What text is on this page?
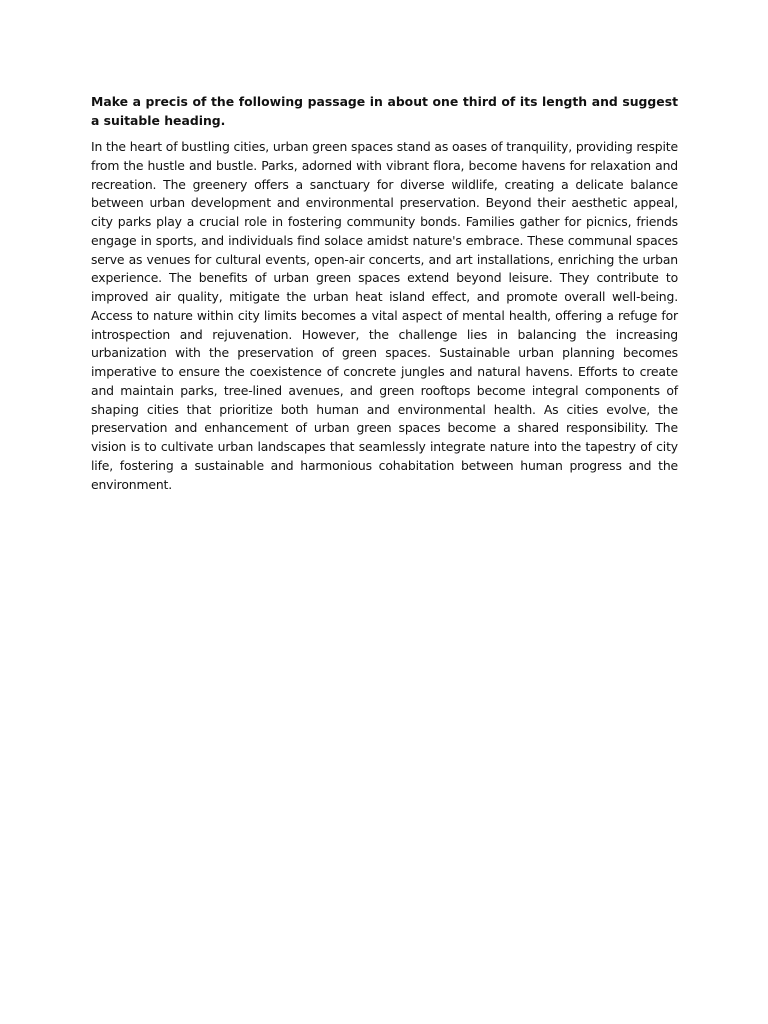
Make a precis of the following passage in about one third of its length and suggest a suitable heading.

In the heart of bustling cities, urban green spaces stand as oases of tranquility, providing respite from the hustle and bustle. Parks, adorned with vibrant flora, become havens for relaxation and recreation. The greenery offers a sanctuary for diverse wildlife, creating a delicate balance between urban development and environmental preservation. Beyond their aesthetic appeal, city parks play a crucial role in fostering community bonds. Families gather for picnics, friends engage in sports, and individuals find solace amidst nature's embrace. These communal spaces serve as venues for cultural events, open-air concerts, and art installations, enriching the urban experience. The benefits of urban green spaces extend beyond leisure. They contribute to improved air quality, mitigate the urban heat island effect, and promote overall well-being. Access to nature within city limits becomes a vital aspect of mental health, offering a refuge for introspection and rejuvenation. However, the challenge lies in balancing the increasing urbanization with the preservation of green spaces. Sustainable urban planning becomes imperative to ensure the coexistence of concrete jungles and natural havens. Efforts to create and maintain parks, tree-lined avenues, and green rooftops become integral components of shaping cities that prioritize both human and environmental health. As cities evolve, the preservation and enhancement of urban green spaces become a shared responsibility. The vision is to cultivate urban landscapes that seamlessly integrate nature into the tapestry of city life, fostering a sustainable and harmonious cohabitation between human progress and the environment.
